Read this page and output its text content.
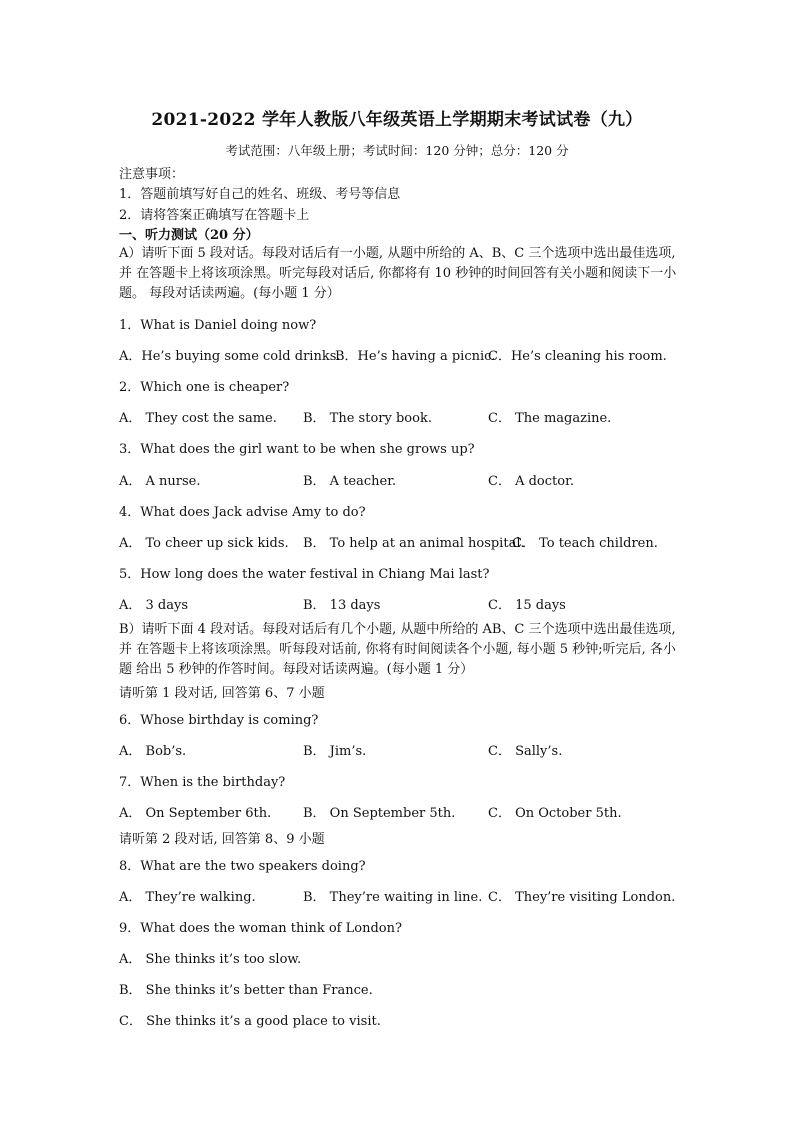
2021-2022 学年人教版八年级英语上学期期末考试试卷（九）
考试范围：八年级上册；考试时间：120 分钟；总分：120 分
注意事项：
1．答题前填写好自己的姓名、班级、考号等信息
2．请将答案正确填写在答题卡上
一、听力测试（20 分）
A）请听下面 5 段对话。每段对话后有一小题, 从题中所给的 A、B、C 三个选项中选出最佳选项, 并 在答题卡上将该项涂黑。听完每段对话后, 你都将有 10 秒钟的时间回答有关小题和阅读下一小题。 每段对话读两遍。(每小题 1 分）
1．What is Daniel doing now?
A．He’s buying some cold drinks.
B．He’s having a picnic.
C．He’s cleaning his room.
2．Which one is cheaper?
A． They cost the same. B． The story book.	C． The magazine.
3．What does the girl want to be when she grows up?
A． A nurse.	B． A teacher.	C． A doctor.
4．What does Jack advise Amy to do?
A． To cheer up sick kids. B． To help at an animal hospital.
C． To teach children.
5．How long does the water festival in Chiang Mai last?
A． 3 days	B． 13 days	C． 15 days
B）请听下面 4 段对话。每段对话后有几个小题, 从题中所给的 AB、C 三个选项中选出最佳选项, 并 在答题卡上将该项涂黑。听每段对话前, 你将有时间阅读各个小题, 每小题 5 秒钟;听完后, 各小题 给出 5 秒钟的作答时间。每段对话读两遍。(每小题 1 分）
请听第 1 段对话, 回答第 6、7 小题
6．Whose birthday is coming?
A． Bob’s.	B． Jim’s.	C． Sally’s.
7．When is the birthday?
A． On September 6th. B． On September 5th.	C． On October 5th.
请听第 2 段对话, 回答第 8、9 小题
8．What are the two speakers doing?
A． They’re walking.	B． They’re waiting in line. C． They’re visiting London.
9．What does the woman think of London?
A． She thinks it’s too slow.
B． She thinks it’s better than France.
C． She thinks it’s a good place to visit.
